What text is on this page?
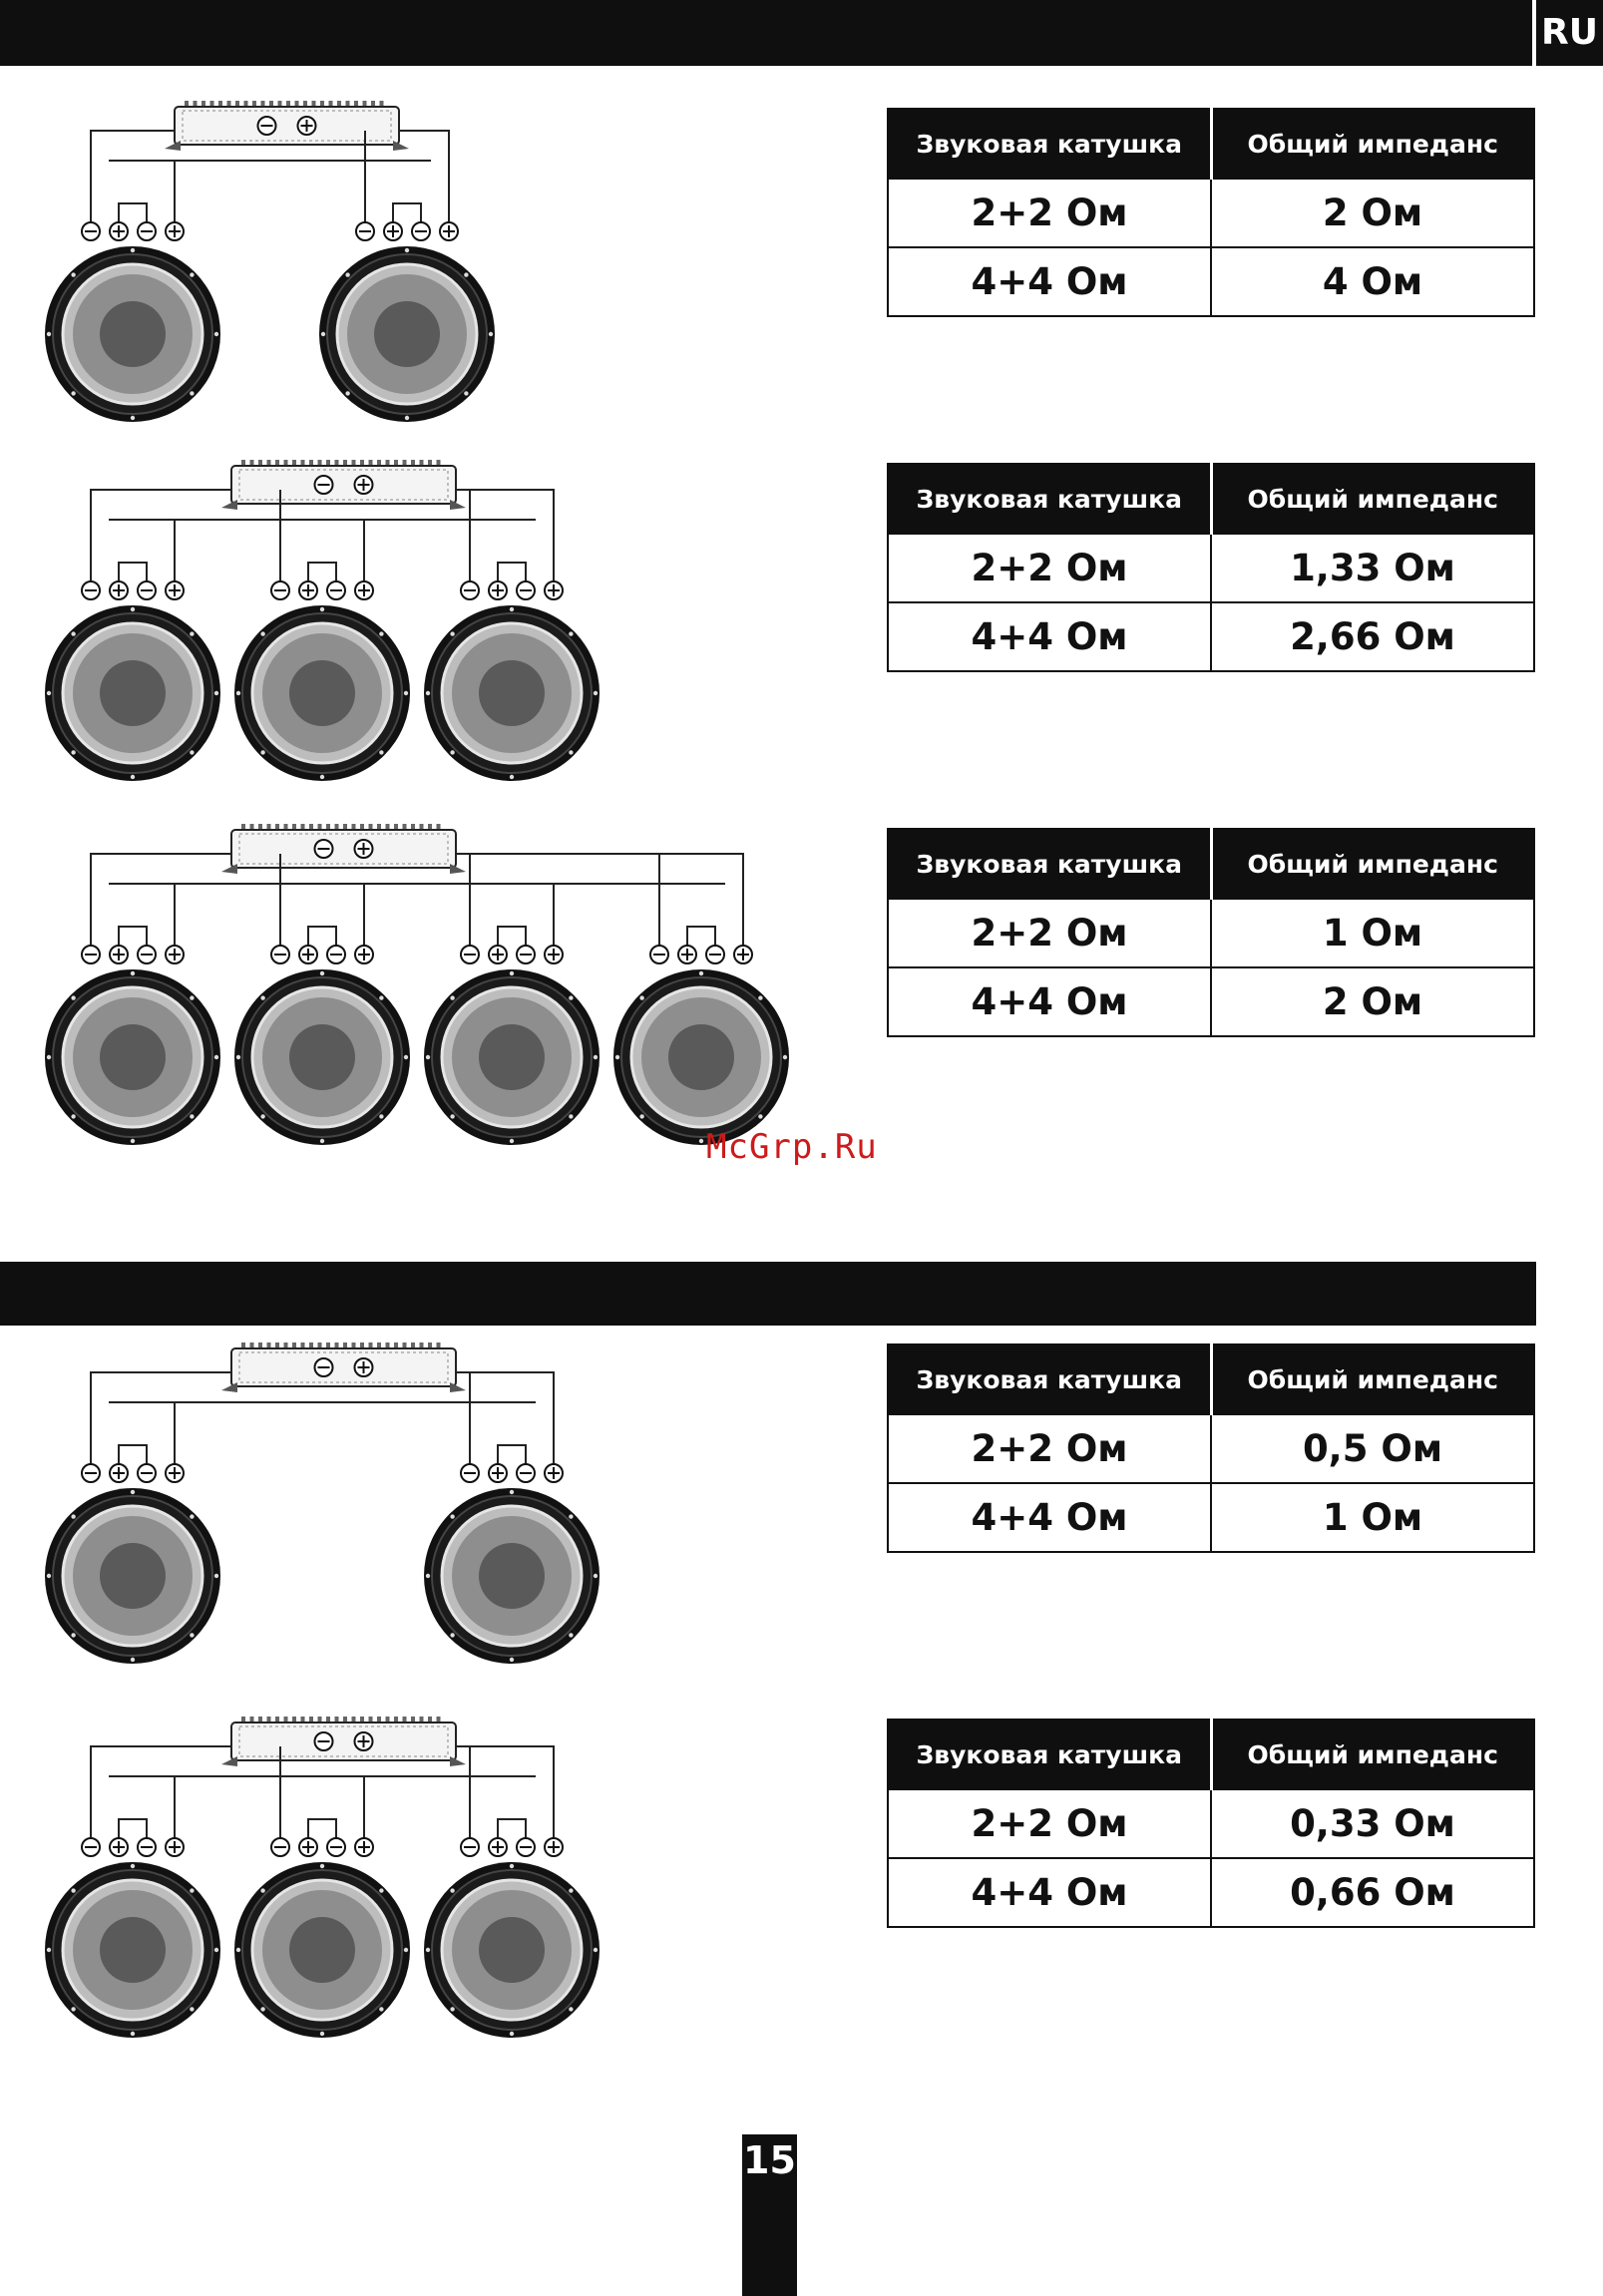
RU
Звуковая катушка	Общий импеданс
2+2 Ом	2 Ом
4+4 Ом	4 Ом
Звуковая катушка	Общий импеданс
2+2 Ом	1,33 Ом
4+4 Ом	2,66 Ом
Звуковая катушка	Общий импеданс
2+2 Ом	1 Ом
4+4 Ом	2 Ом
McGrp.Ru
Звуковая катушка	Общий импеданс
2+2 Ом	0,5 Ом
4+4 Ом	1 Ом
Звуковая катушка	Общий импеданс
2+2 Ом	0,33 Ом
4+4 Ом	0,66 Ом
15
